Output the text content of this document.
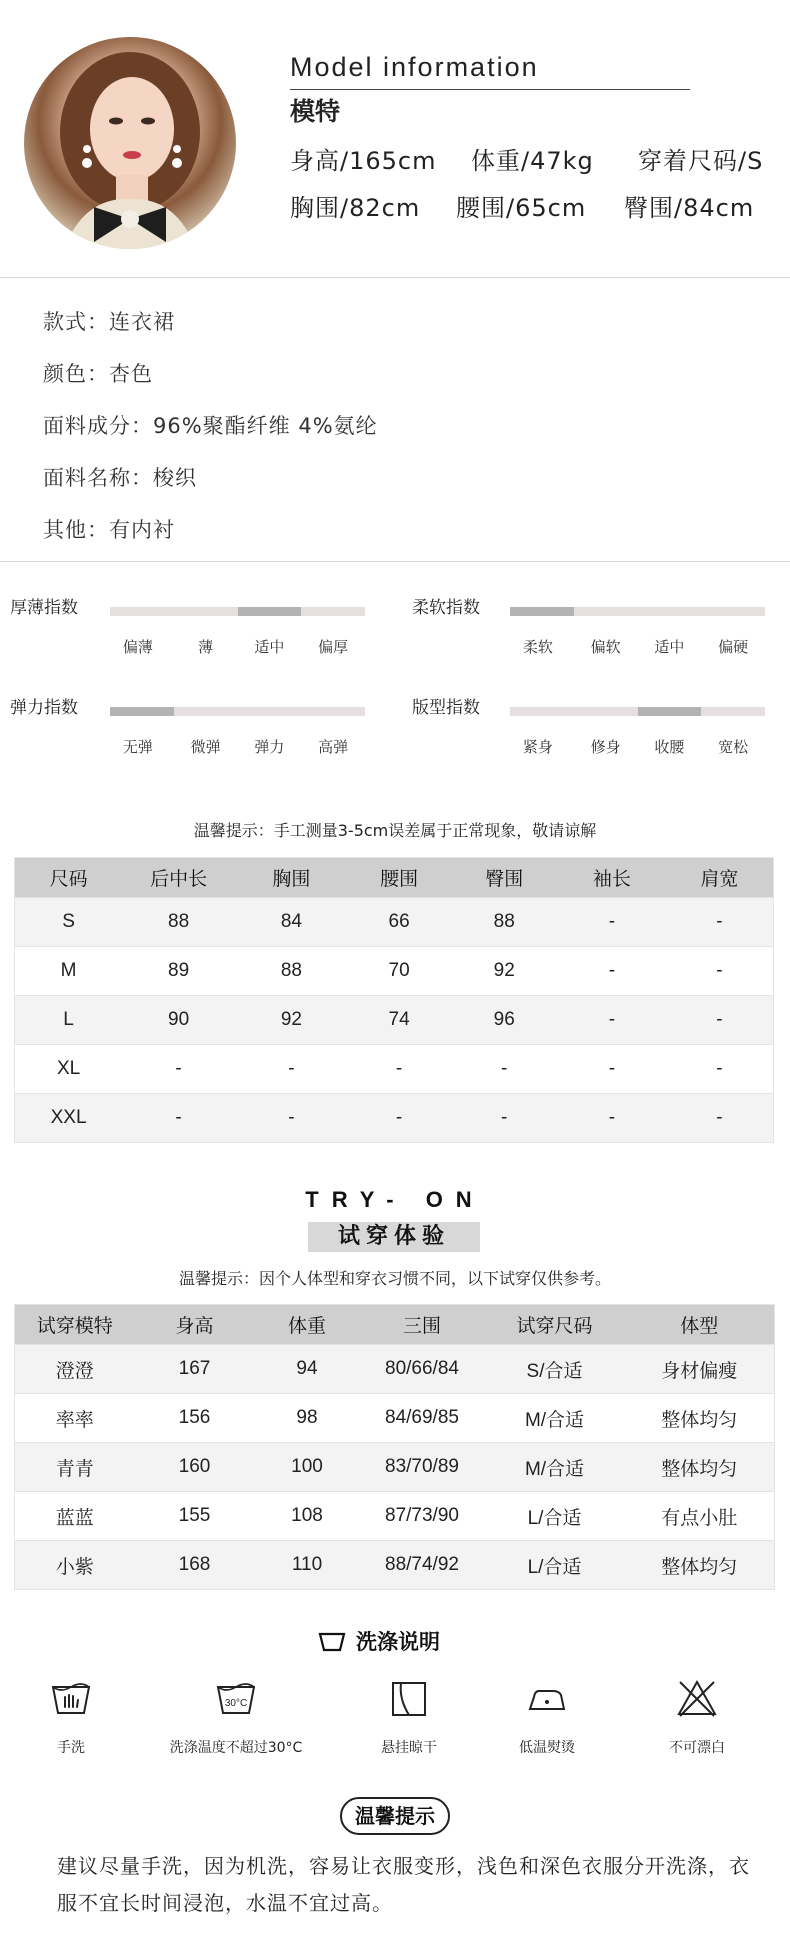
Model information
模特
身高/165cm 体重/47kg 穿着尺码/S
胸围/82cm 腰围/65cm 臀围/84cm
款式：连衣裙
颜色：杏色
面料成分：96%聚酯纤维 4%氨纶
面料名称：梭织
其他：有内衬
厚薄指数
偏薄	薄	适中 偏厚
柔软指数
柔软	偏软 适中 偏硬
弹力指数
无弹	微弹 弹力 高弹
版型指数
紧身	修身 收腰 宽松
温馨提示：手工测量3-5cm误差属于正常现象，敬请谅解
尺码	后中长	胸围	腰围	臀围	袖长	肩宽
S	88	84	66	88	-	-
M	89	88	70	92	-	-
L	90	92	74	96	-	-
XL	-	-	-	-	-	-
XXL	-	-	-	-	-	-
TRY- ON
试穿体验
温馨提示：因个人体型和穿衣习惯不同，以下试穿仅供参考。
试穿模特	身高	体重	三围	试穿尺码	体型
澄澄	167	94	80/66/84	S/合适	身材偏瘦
率率	156	98	84/69/85	M/合适	整体均匀
青青	160	100	83/70/89	M/合适	整体均匀
蓝蓝	155	108	87/73/90	L/合适	有点小肚
小紫	168	110	88/74/92	L/合适	整体均匀
洗涤说明
30°C
手洗	洗涤温度不超过30°C	悬挂晾干	低温熨烫	不可漂白
温馨提示
建议尽量手洗，因为机洗，容易让衣服变形，浅色和深色衣服分开洗涤，衣
服不宜长时间浸泡，水温不宜过高。
